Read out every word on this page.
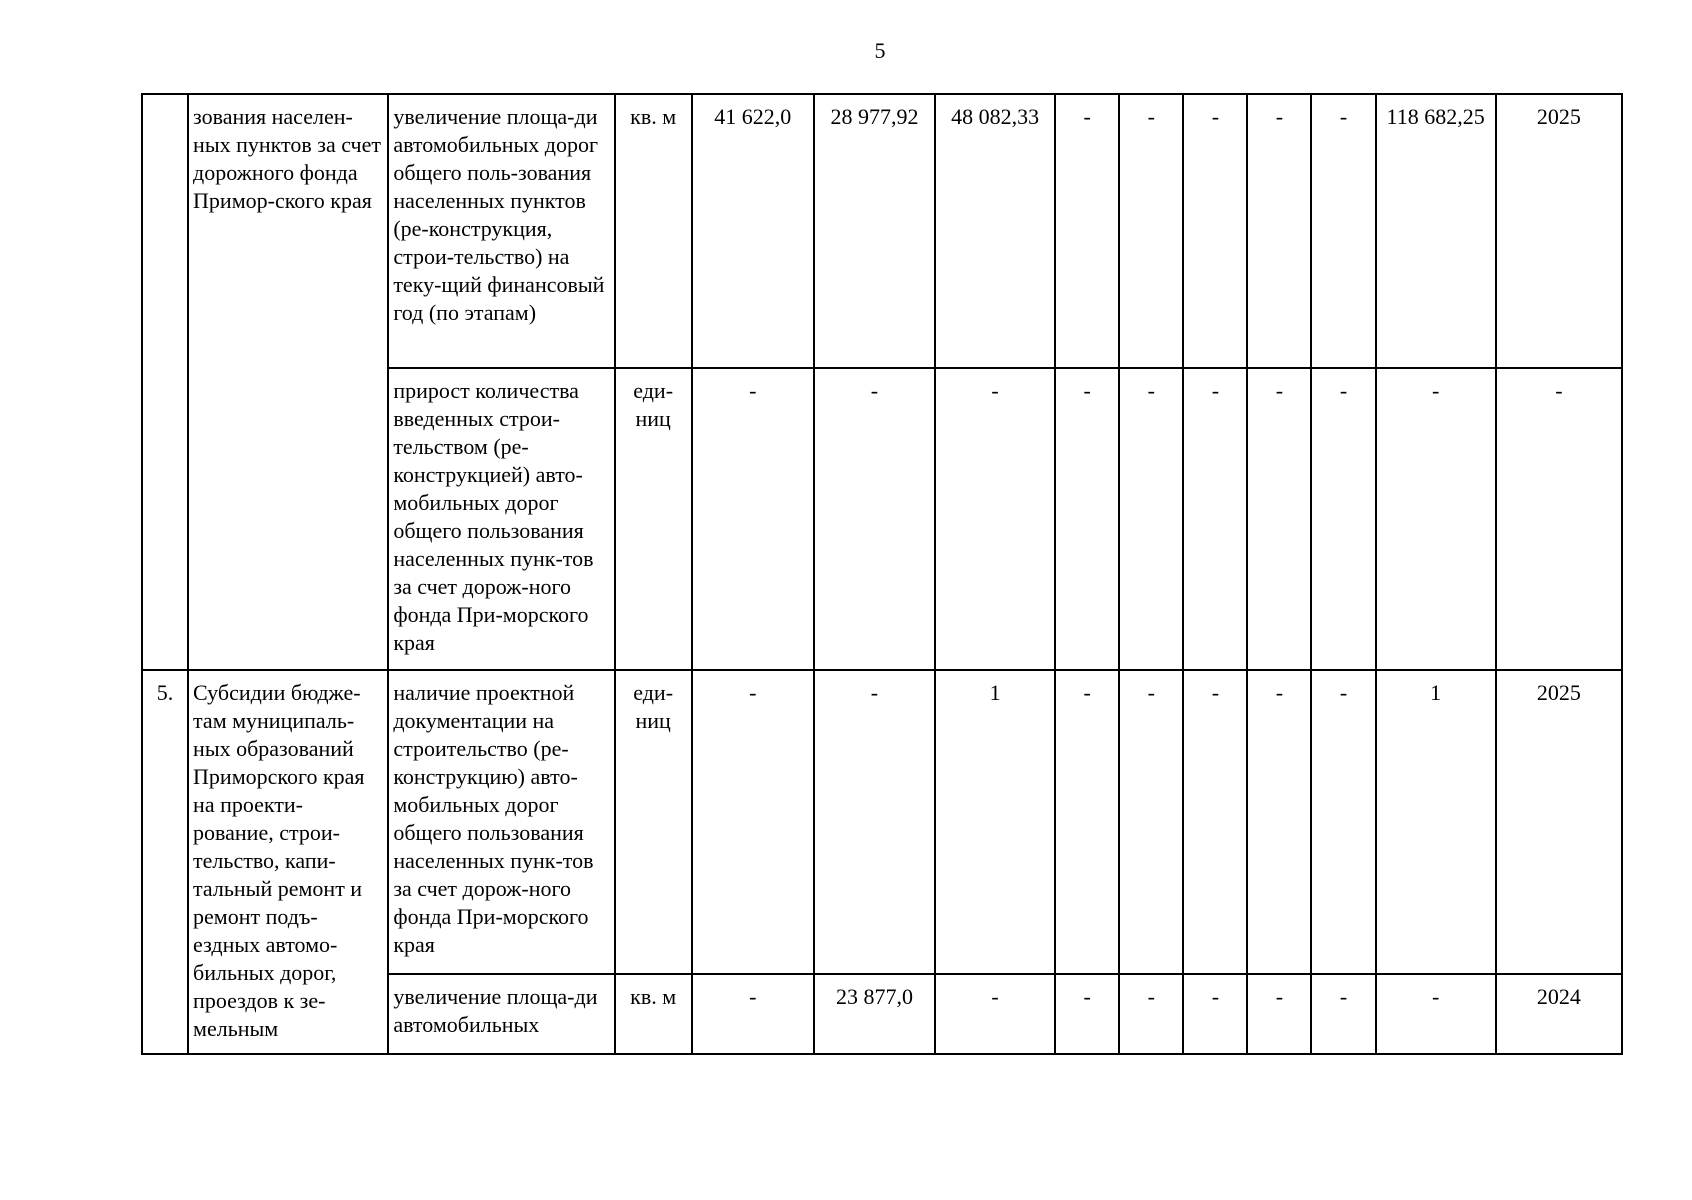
5
	зования населен-ных пунктов за счет дорожного фонда Примор-ского края	увеличение площа-ди автомобильных дорог общего поль-зования населенных пунктов (ре-конструкция, строи-тельство) на теку-щий финансовый год (по этапам)	кв. м	41 622,0	28 977,92	48 082,33	-	-	-	-	-	118 682,25	2025
		прирост количества введенных строи-тельством (ре-конструкцией) авто-мобильных дорог общего пользования населенных пунк-тов за счет дорож-ного фонда При-морского края	еди-ниц	-	-	-	-	-	-	-	-	-	-
5.	Субсидии бюдже-там муниципаль-ных образований Приморского края на проекти-рование, строи-тельство, капи-тальный ремонт и ремонт подъ-ездных автомо-бильных дорог, проездов к зе-мельным	наличие проектной документации на строительство (ре-конструкцию) авто-мобильных дорог общего пользования населенных пунк-тов за счет дорож-ного фонда При-морского края	еди-ниц	-	-	1	-	-	-	-	-	1	2025
		увеличение площа-ди автомобильных	кв. м	-	23 877,0	-	-	-	-	-	-	-	2024
